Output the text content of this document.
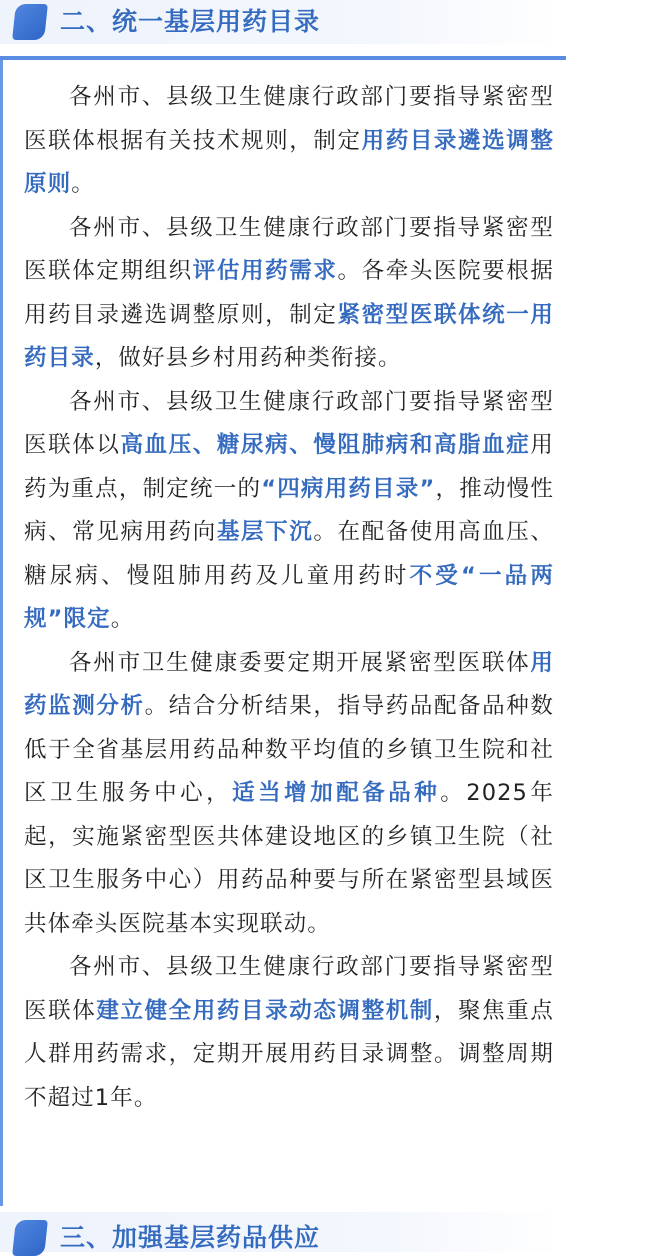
二、统一基层用药目录

各州市、县级卫生健康行政部门要指导紧密型医联体根据有关技术规则，制定用药目录遴选调整原则。

各州市、县级卫生健康行政部门要指导紧密型医联体定期组织评估用药需求。各牵头医院要根据用药目录遴选调整原则，制定紧密型医联体统一用药目录，做好县乡村用药种类衔接。

各州市、县级卫生健康行政部门要指导紧密型医联体以高血压、糖尿病、慢阻肺病和高脂血症用药为重点，制定统一的“四病用药目录”，推动慢性病、常见病用药向基层下沉。在配备使用高血压、糖尿病、慢阻肺用药及儿童用药时不受“一品两规”限定。

各州市卫生健康委要定期开展紧密型医联体用药监测分析。结合分析结果，指导药品配备品种数低于全省基层用药品种数平均值的乡镇卫生院和社区卫生服务中心，适当增加配备品种。2025年起，实施紧密型医共体建设地区的乡镇卫生院（社区卫生服务中心）用药品种要与所在紧密型县域医共体牵头医院基本实现联动。

各州市、县级卫生健康行政部门要指导紧密型医联体建立健全用药目录动态调整机制，聚焦重点人群用药需求，定期开展用药目录调整。调整周期不超过1年。

三、加强基层药品供应
